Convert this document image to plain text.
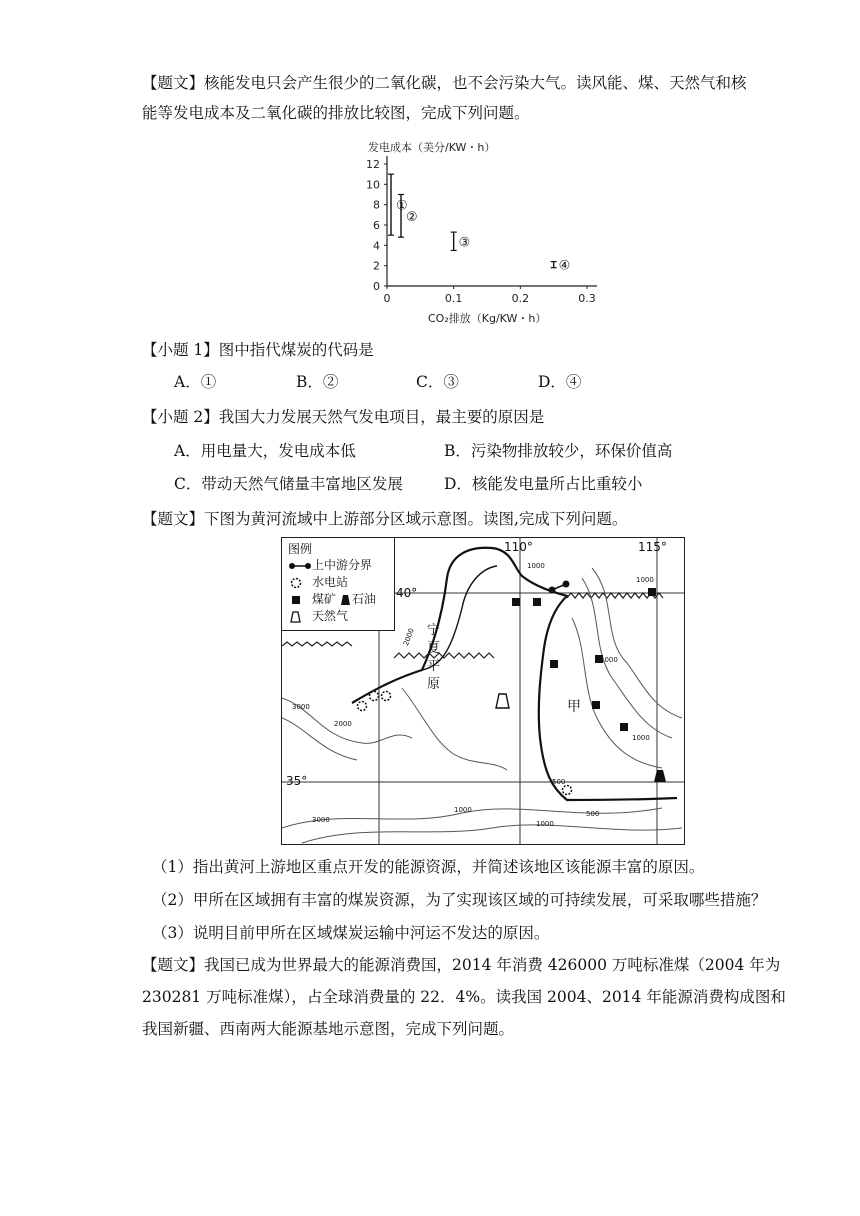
【题文】核能发电只会产生很少的二氧化碳，也不会污染大气。读风能、煤、天然气和核
能等发电成本及二氧化碳的排放比较图，完成下列问题。
发电成本（美分/KW・h）
CO₂排放（Kg/KW・h）
0
2
4
6
8
10
12
0	0.1	0.2	0.3
①
②
③
④
【小题 1】图中指代煤炭的代码是
A．①	B．②	C．③	D．④
【小题 2】我国大力发展天然气发电项目，最主要的原因是
A．用电量大，发电成本低	B．污染物排放较少，环保价值高
C．带动天然气储量丰富地区发展	D．核能发电量所占比重较小
【题文】下图为黄河流域中上游部分区域示意图。读图,完成下列问题。
图例
上中游分界
水电站
煤矿 石油
天然气
40°
35°
110°	115°
宁夏平原
甲
1000
2000
3000
1000
1000
500
1000
2000
3000
500
1000
1000
（1）指出黄河上游地区重点开发的能源资源，并简述该地区该能源丰富的原因。
（2）甲所在区域拥有丰富的煤炭资源，为了实现该区域的可持续发展，可采取哪些措施？
（3）说明目前甲所在区域煤炭运输中河运不发达的原因。
【题文】我国已成为世界最大的能源消费国，2014 年消费 426000 万吨标准煤（2004 年为
230281 万吨标准煤），占全球消费量的 22．4%。读我国 2004、2014 年能源消费构成图和
我国新疆、西南两大能源基地示意图，完成下列问题。
